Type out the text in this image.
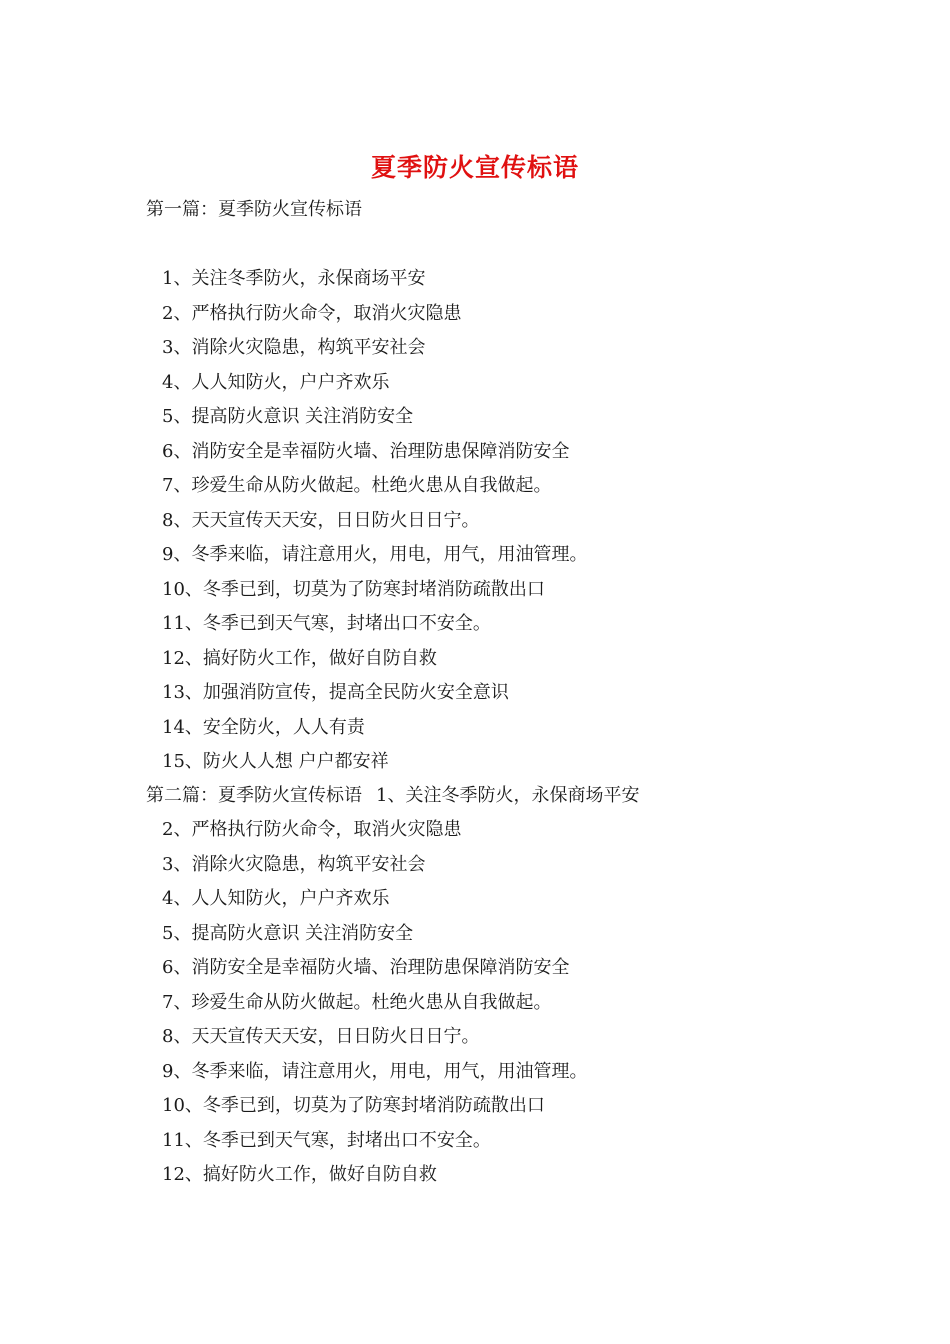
夏季防火宣传标语
第一篇：夏季防火宣传标语
1、关注冬季防火，永保商场平安
2、严格执行防火命令，取消火灾隐患
3、消除火灾隐患，构筑平安社会
4、人人知防火，户户齐欢乐
5、提高防火意识 关注消防安全
6、消防安全是幸福防火墙、治理防患保障消防安全
7、珍爱生命从防火做起。杜绝火患从自我做起。
8、天天宣传天天安，日日防火日日宁。
9、冬季来临，请注意用火，用电，用气，用油管理。
10、冬季已到，切莫为了防寒封堵消防疏散出口
11、冬季已到天气寒，封堵出口不安全。
12、搞好防火工作，做好自防自救
13、加强消防宣传，提高全民防火安全意识
14、安全防火，人人有责
15、防火人人想 户户都安祥
第二篇：夏季防火宣传标语 1、关注冬季防火，永保商场平安
2、严格执行防火命令，取消火灾隐患
3、消除火灾隐患，构筑平安社会
4、人人知防火，户户齐欢乐
5、提高防火意识 关注消防安全
6、消防安全是幸福防火墙、治理防患保障消防安全
7、珍爱生命从防火做起。杜绝火患从自我做起。
8、天天宣传天天安，日日防火日日宁。
9、冬季来临，请注意用火，用电，用气，用油管理。
10、冬季已到，切莫为了防寒封堵消防疏散出口
11、冬季已到天气寒，封堵出口不安全。
12、搞好防火工作，做好自防自救
